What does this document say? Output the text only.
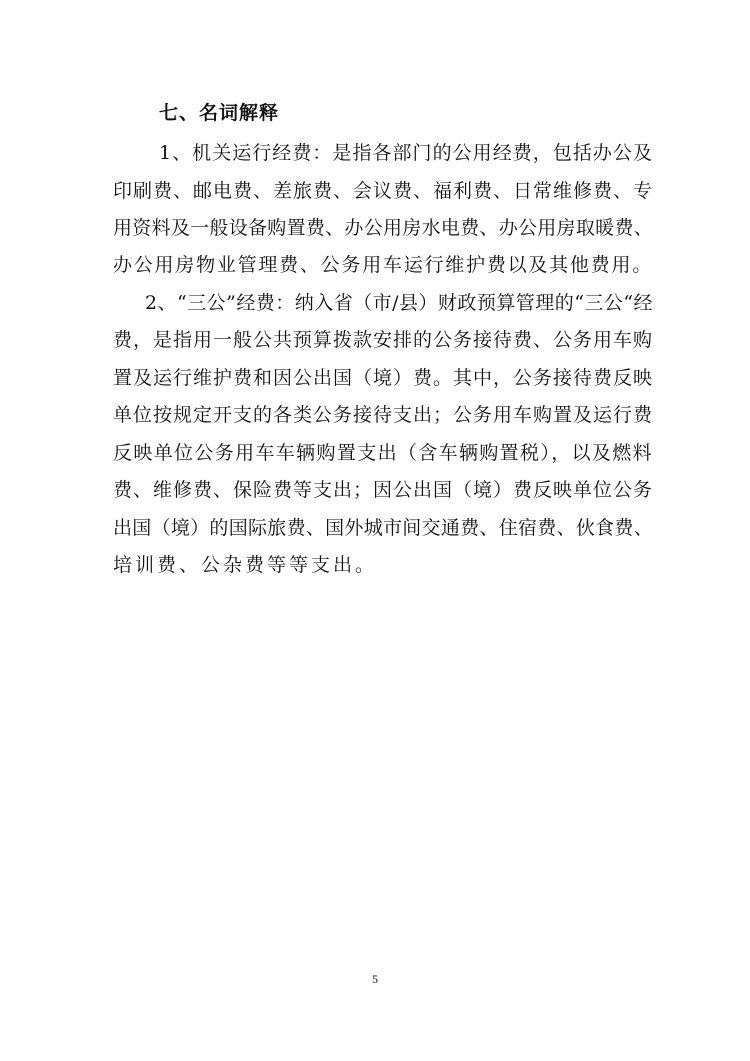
七、名词解释
1、机关运行经费：是指各部门的公用经费，包括办公及
印刷费、邮电费、差旅费、会议费、福利费、日常维修费、专
用资料及一般设备购置费、办公用房水电费、办公用房取暖费、
办公用房物业管理费、公务用车运行维护费以及其他费用。
2、“三公”经费：纳入省（市/县）财政预算管理的“三公“经
费，是指用一般公共预算拨款安排的公务接待费、公务用车购
置及运行维护费和因公出国（境）费。其中，公务接待费反映
单位按规定开支的各类公务接待支出；公务用车购置及运行费
反映单位公务用车车辆购置支出（含车辆购置税），以及燃料
费、维修费、保险费等支出；因公出国（境）费反映单位公务
出国（境）的国际旅费、国外城市间交通费、住宿费、伙食费、
培训费、公杂费等等支出。
5
